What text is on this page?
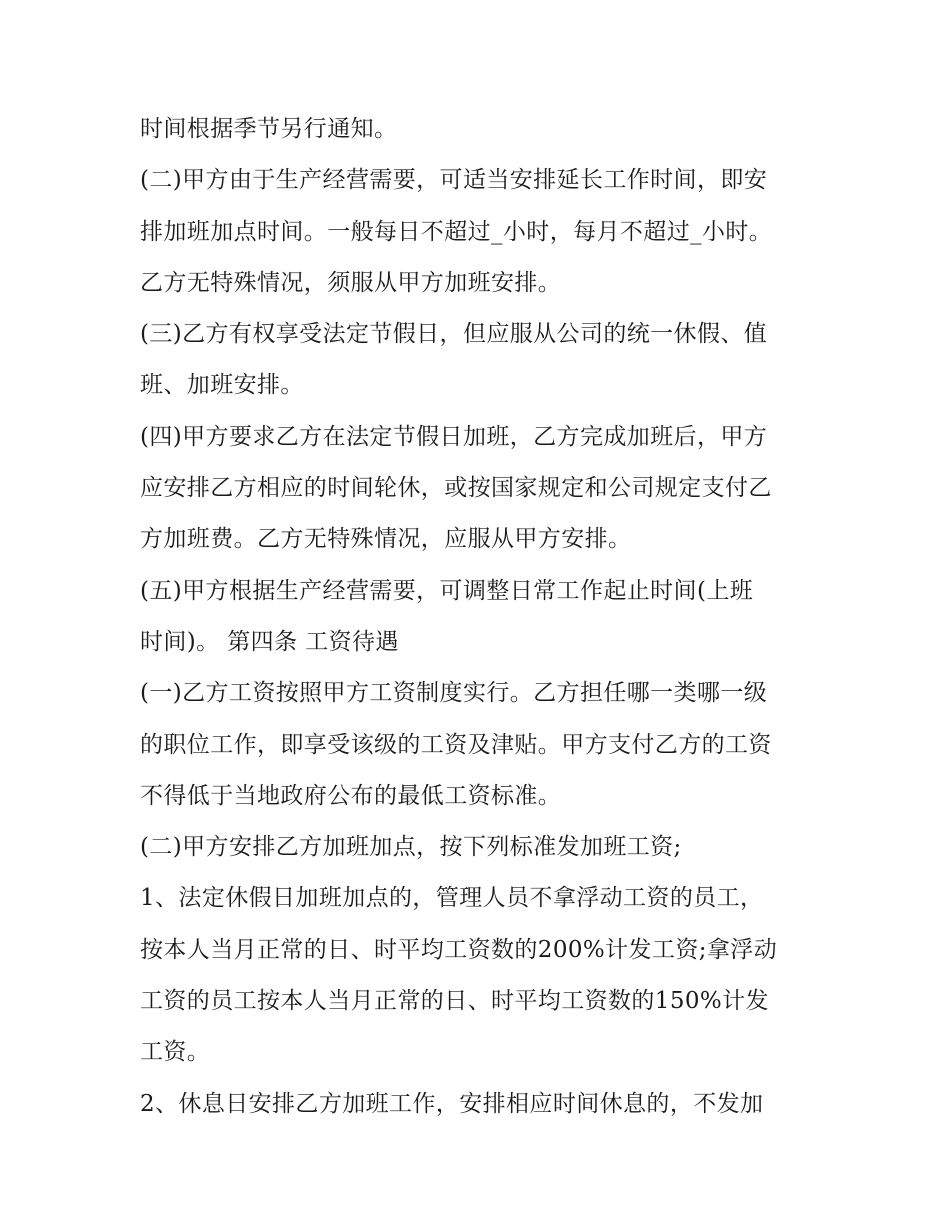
时间根据季节另行通知。
(二)甲方由于生产经营需要，可适当安排延长工作时间，即安
排加班加点时间。一般每日不超过_小时，每月不超过_小时。
乙方无特殊情况，须服从甲方加班安排。
(三)乙方有权享受法定节假日，但应服从公司的统一休假、值
班、加班安排。
(四)甲方要求乙方在法定节假日加班，乙方完成加班后，甲方
应安排乙方相应的时间轮休，或按国家规定和公司规定支付乙
方加班费。乙方无特殊情况，应服从甲方安排。
(五)甲方根据生产经营需要，可调整日常工作起止时间(上班
时间)。 第四条 工资待遇
(一)乙方工资按照甲方工资制度实行。乙方担任哪一类哪一级
的职位工作，即享受该级的工资及津贴。甲方支付乙方的工资
不得低于当地政府公布的最低工资标准。
(二)甲方安排乙方加班加点，按下列标准发加班工资;
1、法定休假日加班加点的，管理人员不拿浮动工资的员工，
按本人当月正常的日、时平均工资数的200%计发工资;拿浮动
工资的员工按本人当月正常的日、时平均工资数的150%计发
工资。
2、休息日安排乙方加班工作，安排相应时间休息的，不发加
